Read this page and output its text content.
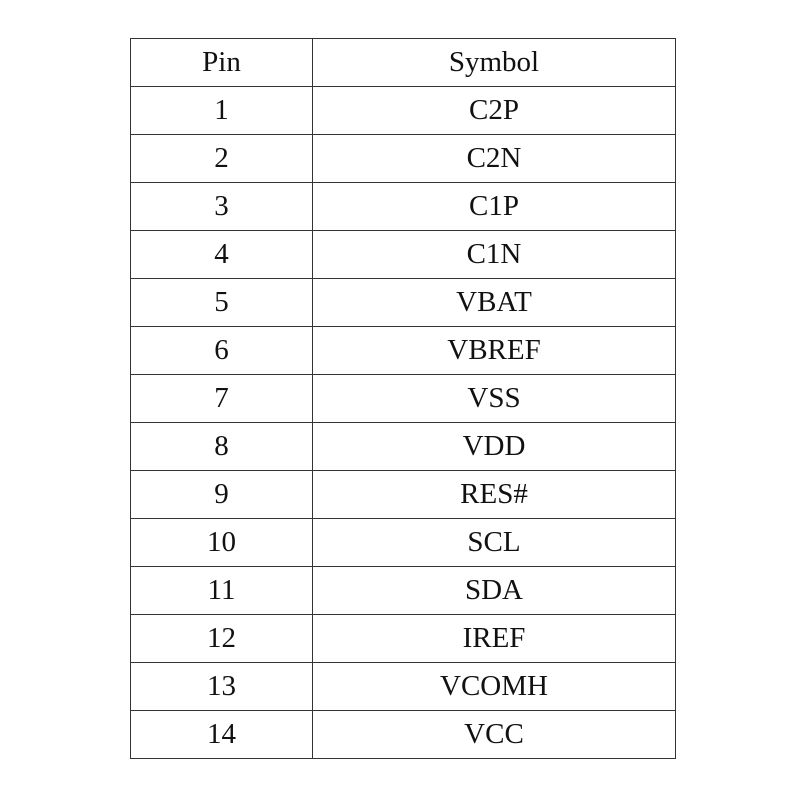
Pin	Symbol
1	C2P
2	C2N
3	C1P
4	C1N
5	VBAT
6	VBREF
7	VSS
8	VDD
9	RES#
10	SCL
11	SDA
12	IREF
13	VCOMH
14	VCC
